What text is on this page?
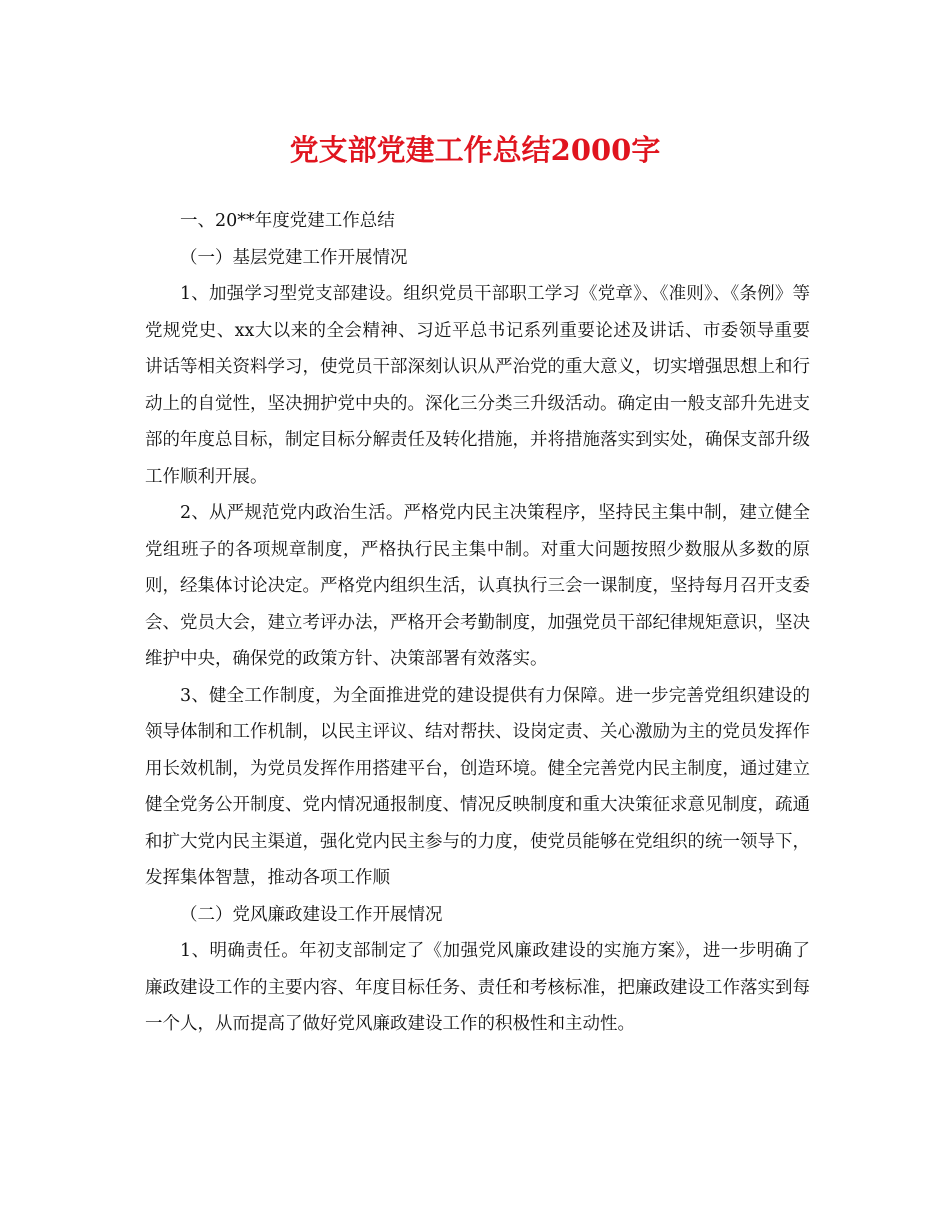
党支部党建工作总结2000字

一、20**年度党建工作总结

（一）基层党建工作开展情况

1、加强学习型党支部建设。组织党员干部职工学习《党章》、《准则》、《条例》等党规党史、xx大以来的全会精神、习近平总书记系列重要论述及讲话、市委领导重要讲话等相关资料学习，使党员干部深刻认识从严治党的重大意义，切实增强思想上和行动上的自觉性，坚决拥护党中央的。深化三分类三升级活动。确定由一般支部升先进支部的年度总目标，制定目标分解责任及转化措施，并将措施落实到实处，确保支部升级工作顺利开展。

2、从严规范党内政治生活。严格党内民主决策程序，坚持民主集中制，建立健全党组班子的各项规章制度，严格执行民主集中制。对重大问题按照少数服从多数的原则，经集体讨论决定。严格党内组织生活，认真执行三会一课制度，坚持每月召开支委会、党员大会，建立考评办法，严格开会考勤制度，加强党员干部纪律规矩意识，坚决维护中央，确保党的政策方针、决策部署有效落实。

3、健全工作制度，为全面推进党的建设提供有力保障。进一步完善党组织建设的领导体制和工作机制，以民主评议、结对帮扶、设岗定责、关心激励为主的党员发挥作用长效机制，为党员发挥作用搭建平台，创造环境。健全完善党内民主制度，通过建立健全党务公开制度、党内情况通报制度、情况反映制度和重大决策征求意见制度，疏通和扩大党内民主渠道，强化党内民主参与的力度，使党员能够在党组织的统一领导下，发挥集体智慧，推动各项工作顺

（二）党风廉政建设工作开展情况

1、明确责任。年初支部制定了《加强党风廉政建设的实施方案》，进一步明确了廉政建设工作的主要内容、年度目标任务、责任和考核标准，把廉政建设工作落实到每一个人，从而提高了做好党风廉政建设工作的积极性和主动性。
